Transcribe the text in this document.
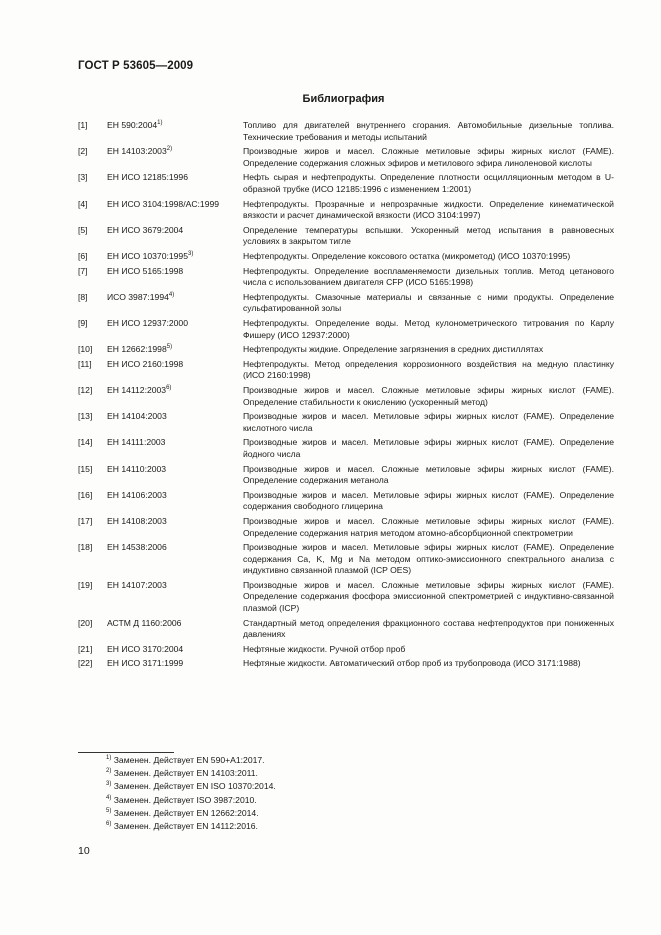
ГОСТ Р 53605—2009
Библиография
[1]	ЕН 590:2004$^{1)}$	Топливо для двигателей внутреннего сгорания. Автомобильные дизельные топлива. Технические требования и методы испытаний
[2]	ЕН 14103:2003$^{2)}$	Производные жиров и масел. Сложные метиловые эфиры жирных кислот (FAME). Определение содержания сложных эфиров и метилового эфира линоленовой кислоты
[3]	ЕН ИСО 12185:1996	Нефть сырая и нефтепродукты. Определение плотности осцилляционным методом в U-образной трубке (ИСО 12185:1996 с изменением 1:2001)
[4]	ЕН ИСО 3104:1998/AC:1999	Нефтепродукты. Прозрачные и непрозрачные жидкости. Определение кинематической вязкости и расчет динамической вязкости (ИСО 3104:1997)
[5]	ЕН ИСО 3679:2004	Определение температуры вспышки. Ускоренный метод испытания в равновесных условиях в закрытом тигле
[6]	ЕН ИСО 10370:1995$^{3)}$	Нефтепродукты. Определение коксового остатка (микрометод) (ИСО 10370:1995)
[7]	ЕН ИСО 5165:1998	Нефтепродукты. Определение воспламеняемости дизельных топлив. Метод цетанового числа с использованием двигателя CFP (ИСО 5165:1998)
[8]	ИСО 3987:1994$^{4)}$	Нефтепродукты. Смазочные материалы и связанные с ними продукты. Определение сульфатированной золы
[9]	ЕН ИСО 12937:2000	Нефтепродукты. Определение воды. Метод кулонометрического титрования по Карлу Фишеру (ИСО 12937:2000)
[10]	ЕН 12662:1998$^{5)}$	Нефтепродукты жидкие. Определение загрязнения в средних дистиллятах
[11]	ЕН ИСО 2160:1998	Нефтепродукты. Метод определения коррозионного воздействия на медную пластинку (ИСО 2160:1998)
[12]	ЕН 14112:2003$^{6)}$	Производные жиров и масел. Сложные метиловые эфиры жирных кислот (FAME). Определение стабильности к окислению (ускоренный метод)
[13]	ЕН 14104:2003	Производные жиров и масел. Метиловые эфиры жирных кислот (FAME). Определение кислотного числа
[14]	ЕН 14111:2003	Производные жиров и масел. Метиловые эфиры жирных кислот (FAME). Определение йодного числа
[15]	ЕН 14110:2003	Производные жиров и масел. Сложные метиловые эфиры жирных кислот (FAME). Определение содержания метанола
[16]	ЕН 14106:2003	Производные жиров и масел. Метиловые эфиры жирных кислот (FAME). Определение содержания свободного глицерина
[17]	ЕН 14108:2003	Производные жиров и масел. Сложные метиловые эфиры жирных кислот (FAME). Определение содержания натрия методом атомно-абсорбционной спектрометрии
[18]	ЕН 14538:2006	Производные жиров и масел. Метиловые эфиры жирных кислот (FAME). Определение содержания Ca, K, Mg и Na методом оптико-эмиссионного спектрального анализа с индуктивно связанной плазмой (ICP OES)
[19]	ЕН 14107:2003	Производные жиров и масел. Сложные метиловые эфиры жирных кислот (FAME). Определение содержания фосфора эмиссионной спектрометрией с индуктивно-связанной плазмой (ICP)
[20]	АСТМ Д 1160:2006	Стандартный метод определения фракционного состава нефтепродуктов при пониженных давлениях
[21]	ЕН ИСО 3170:2004	Нефтяные жидкости. Ручной отбор проб
[22]	ЕН ИСО 3171:1999	Нефтяные жидкости. Автоматический отбор проб из трубопровода (ИСО 3171:1988)
$^{1)}$ Заменен. Действует EN 590+A1:2017.
$^{2)}$ Заменен. Действует EN 14103:2011.
$^{3)}$ Заменен. Действует EN ISO 10370:2014.
$^{4)}$ Заменен. Действует ISO 3987:2010.
$^{5)}$ Заменен. Действует EN 12662:2014.
$^{6)}$ Заменен. Действует EN 14112:2016.
10
